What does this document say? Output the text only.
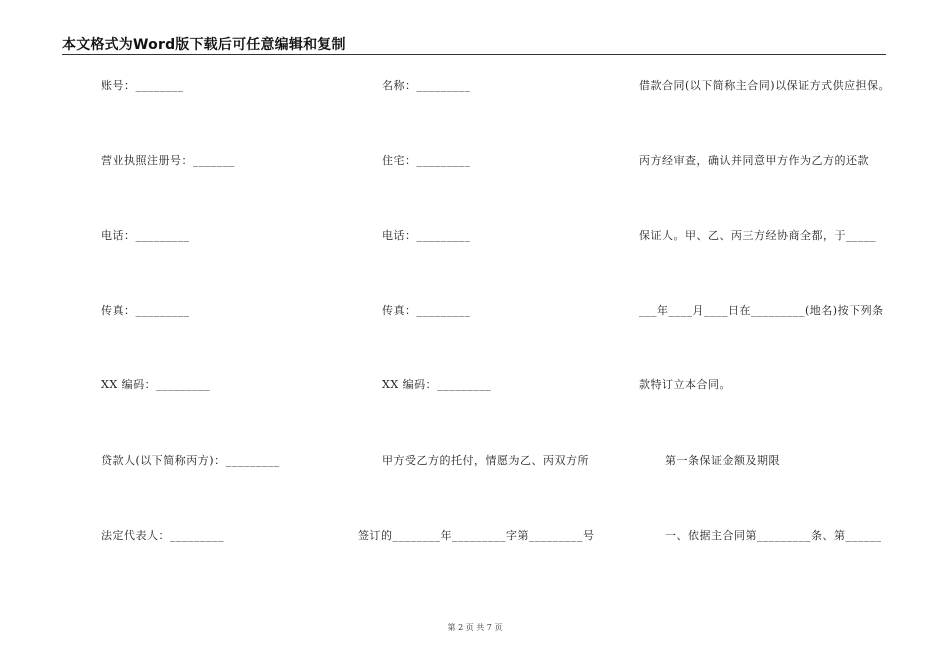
本文格式为Word版下载后可任意编辑和复制
账号：________
营业执照注册号：_______
电话：_________
传真：_________
XX 编码：_________
贷款人(以下简称丙方)：_________
法定代表人：_________
名称：_________
住宅：_________
电话：_________
传真：_________
XX 编码：_________
甲方受乙方的托付，情愿为乙、丙双方所
签订的________年_________字第_________号
借款合同(以下简称主合同)以保证方式供应担保。
丙方经审查，确认并同意甲方作为乙方的还款
保证人。甲、乙、丙三方经协商全都，于_____
___年____月____日在_________(地名)按下列条
款特订立本合同。
第一条保证金额及期限
一、依据主合同第_________条、第______
第 2 页 共 7 页
